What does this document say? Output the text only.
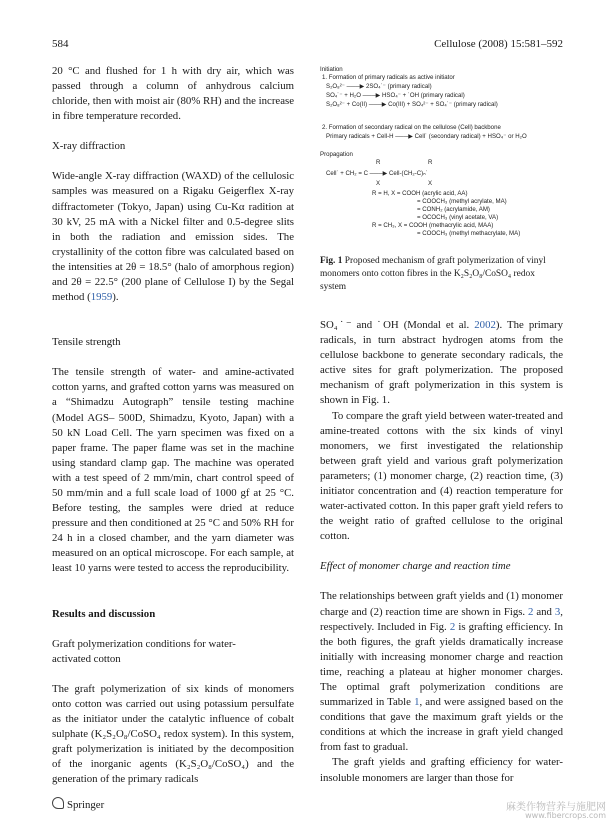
584	Cellulose (2008) 15:581–592

20 °C and flushed for 1 h with dry air, which was passed through a column of anhydrous calcium chloride, then with moist air (80% RH) and the increase in fibre temperature recorded.

X-ray diffraction

Wide-angle X-ray diffraction (WAXD) of the cellulosic samples was measured on a Rigaku Geigerflex X-ray diffractometer (Tokyo, Japan) using Cu-Kα radition at 30 kV, 25 mA with a Nickel filter and 0.5-degree slits in both the radiation and emission sides. The crystallinity of the cotton fibre was calculated based on the intensities at 2θ = 18.5° (halo of amorphous region) and 2θ = 22.5° (200 plane of Cellulose I) by the Segal method (1959).

Tensile strength

The tensile strength of water- and amine-activated cotton yarns, and grafted cotton yarns was measured on a “Shimadzu Autograph” tensile testing machine (Model AGS– 500D, Shimadzu, Kyoto, Japan) with a 50 kN Load Cell. The yarn specimen was fixed on a paper frame. The paper flame was set in the machine using standard clamp gap. The machine was operated with a test speed of 2 mm/min, chart control speed of 50 mm/min and a full scale load of 1000 gf at 25 °C. Before testing, the samples were dried at reduce pressure and then conditioned at 25 °C and 50% RH for 24 h in a closed chamber, and the yarn diameter was measured on an optical microscope. For each sample, at least 10 yarns were tested to access the reproducibility.

Results and discussion

Graft polymerization conditions for water-activated cotton

The graft polymerization of six kinds of monomers onto cotton was carried out using potassium persulfate as the initiator under the catalytic influence of cobalt sulphate (K₂S₂O₈/CoSO₄ redox system). In this system, graft polymerization is initiated by the decomposition of the inorganic agents (K₂S₂O₈/CoSO₄) and the generation of the primary radicals

Initiation
1. Formation of primary radicals as active initiator
S₂O₈²⁻ ───▶ 2SO₄˙⁻ (primary radical)
SO₄˙⁻ + H₂O ───▶ HSO₄⁻ + ˙OH (primary radical)
S₂O₈²⁻ + Co(II) ───▶ Co(III) + SO₄²⁻ + SO₄˙⁻ (primary radical)
2. Formation of secondary radical on the cellulose (Cell) backbone
Primary radicals + Cell-H ───▶ Cell˙ (secondary radical) + HSO₄⁻ or H₂O
Propagation
R	R
Cell˙ + CH₂ = C ───▶ Cell-(CH₂-C)ₙ˙
X	X
R = H, X = COOH (acrylic acid, AA)
= COOCH₃ (methyl acrylate, MA)
= CONH₂ (acrylamide, AM)
= OCOCH₃ (vinyl acetate, VA)
R = CH₃, X = COOH (methacrylic acid, MAA)
= COOCH₃ (methyl methacrylate, MA)
Fig. 1 Proposed mechanism of graft polymerization of vinyl monomers onto cotton fibres in the K₂S₂O₈/CoSO₄ redox system

SO₄˙⁻ and ˙OH (Mondal et al. 2002). The primary radicals, in turn abstract hydrogen atoms from the cellulose backbone to generate secondary radicals, the active sites for graft polymerization. The proposed mechanism of graft polymerization in this system is shown in Fig. 1.

To compare the graft yield between water-treated and amine-treated cottons with the six kinds of vinyl monomers, we first investigated the relationship between graft yield and various graft polymerization parameters; (1) monomer charge, (2) reaction time, (3) initiator concentration and (4) reaction temperature for water-activated cotton. In this paper graft yield refers to the weight ratio of grafted cellulose to the original cotton.

Effect of monomer charge and reaction time

The relationships between graft yields and (1) monomer charge and (2) reaction time are shown in Figs. 2 and 3, respectively. Included in Fig. 2 is grafting efficiency. In the both figures, the graft yields dramatically increase initially with increasing monomer charge and reaction time, reaching a plateau at higher monomer charges. The optimal graft polymerization conditions are summarized in Table 1, and were assigned based on the conditions that gave the maximum graft yields or the conditions at which the increase in graft yield changed from fast to gradual.

The graft yields and grafting efficiency for water-insoluble monomers are larger than those for

Springer	麻类作物营养与施肥网
www.fibercrops.com
